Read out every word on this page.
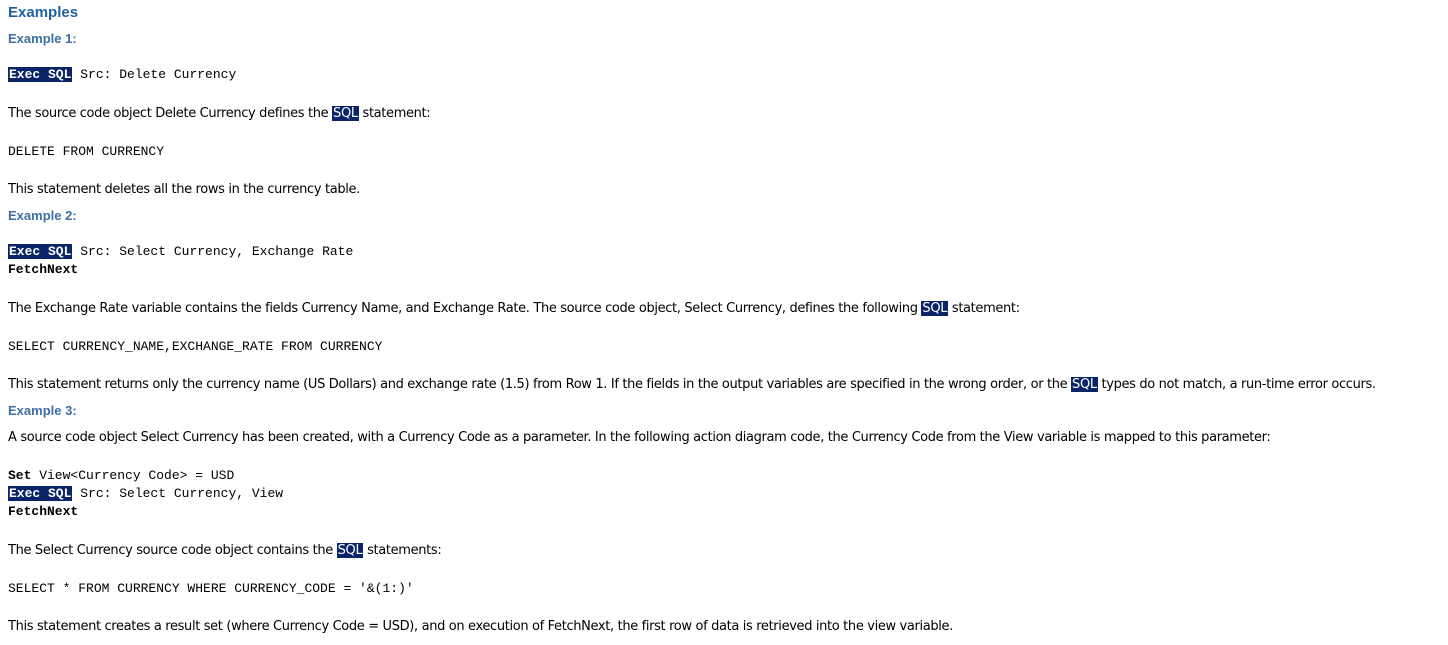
Examples
Example 1:
Exec SQL Src: Delete Currency
The source code object Delete Currency defines the SQL statement:
DELETE FROM CURRENCY
This statement deletes all the rows in the currency table.
Example 2:
Exec SQL Src: Select Currency, Exchange Rate
FetchNext
The Exchange Rate variable contains the fields Currency Name, and Exchange Rate. The source code object, Select Currency, defines the following SQL statement:
SELECT CURRENCY_NAME,EXCHANGE_RATE FROM CURRENCY
This statement returns only the currency name (US Dollars) and exchange rate (1.5) from Row 1. If the fields in the output variables are specified in the wrong order, or the SQL types do not match, a run-time error occurs.
Example 3:
A source code object Select Currency has been created, with a Currency Code as a parameter. In the following action diagram code, the Currency Code from the View variable is mapped to this parameter:
Set View<Currency Code> = USD
Exec SQL Src: Select Currency, View
FetchNext
The Select Currency source code object contains the SQL statements:
SELECT * FROM CURRENCY WHERE CURRENCY_CODE = '&(1:)'
This statement creates a result set (where Currency Code = USD), and on execution of FetchNext, the first row of data is retrieved into the view variable.
